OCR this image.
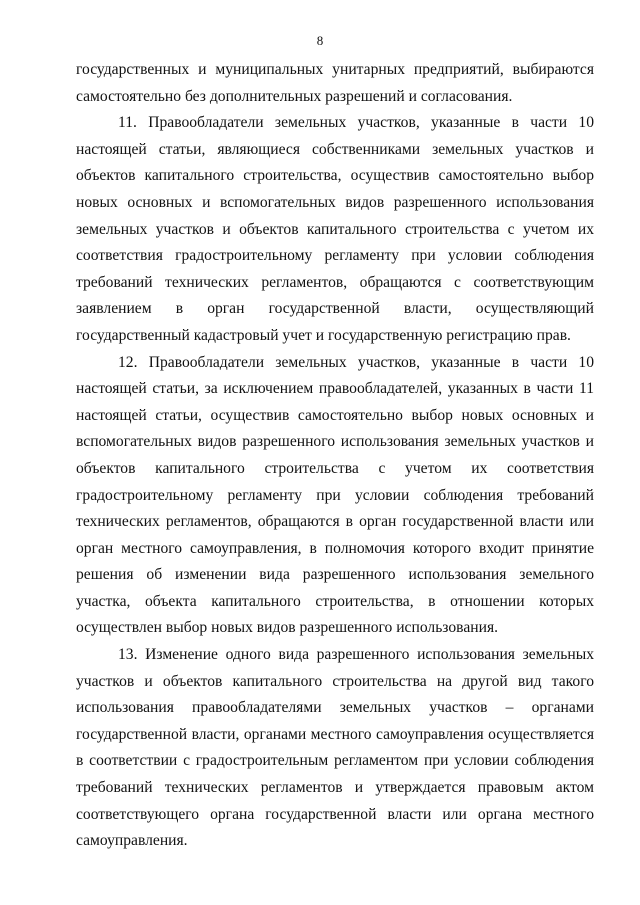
8

государственных и муниципальных унитарных предприятий, выбираются самостоятельно без дополнительных разрешений и согласования.

11. Правообладатели земельных участков, указанные в части 10 настоящей статьи, являющиеся собственниками земельных участков и объектов капитального строительства, осуществив самостоятельно выбор новых основных и вспомогательных видов разрешенного использования земельных участков и объектов капитального строительства с учетом их соответствия градостроительному регламенту при условии соблюдения требований технических регламентов, обращаются с соответствующим заявлением в орган государственной власти, осуществляющий государственный кадастровый учет и государственную регистрацию прав.

12. Правообладатели земельных участков, указанные в части 10 настоящей статьи, за исключением правообладателей, указанных в части 11 настоящей статьи, осуществив самостоятельно выбор новых основных и вспомогательных видов разрешенного использования земельных участков и объектов капитального строительства с учетом их соответствия градостроительному регламенту при условии соблюдения требований технических регламентов, обращаются в орган государственной власти или орган местного самоуправления, в полномочия которого входит принятие решения об изменении вида разрешенного использования земельного участка, объекта капитального строительства, в отношении которых осуществлен выбор новых видов разрешенного использования.

13. Изменение одного вида разрешенного использования земельных участков и объектов капитального строительства на другой вид такого использования правообладателями земельных участков – органами государственной власти, органами местного самоуправления осуществляется в соответствии с градостроительным регламентом при условии соблюдения требований технических регламентов и утверждается правовым актом соответствующего органа государственной власти или органа местного самоуправления.
